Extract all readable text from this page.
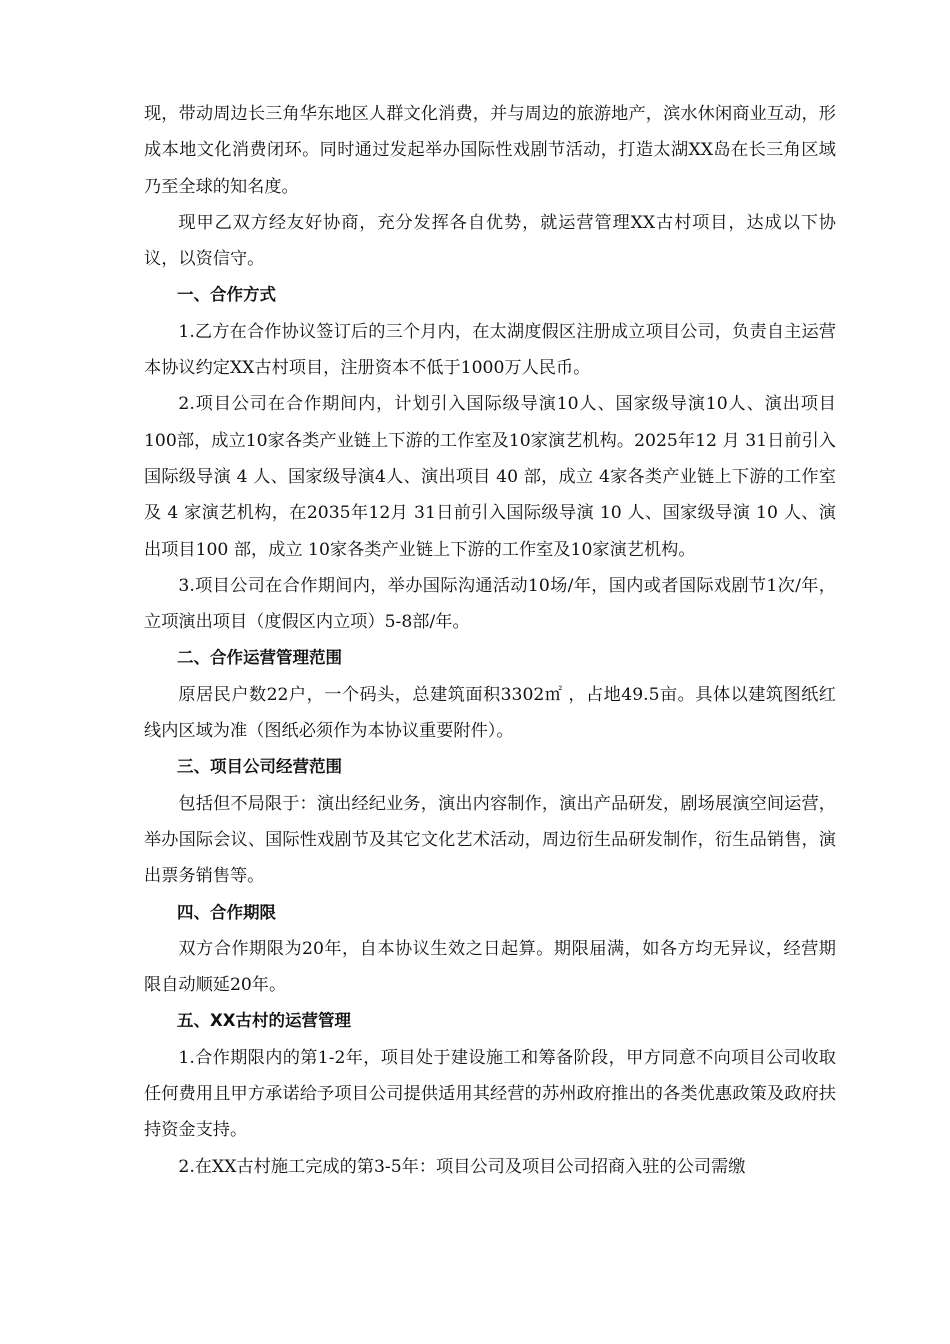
现，带动周边长三角华东地区人群文化消费，并与周边的旅游地产，滨水休闲商业互动，形成本地文化消费闭环。同时通过发起举办国际性戏剧节活动，打造太湖XX岛在长三角区域乃至全球的知名度。

现甲乙双方经友好协商，充分发挥各自优势，就运营管理XX古村项目，达成以下协议，以资信守。

一、合作方式

1.乙方在合作协议签订后的三个月内，在太湖度假区注册成立项目公司，负责自主运营本协议约定XX古村项目，注册资本不低于1000万人民币。

2.项目公司在合作期间内，计划引入国际级导演10人、国家级导演10人、演出项目100部，成立10家各类产业链上下游的工作室及10家演艺机构。2025年12 月 31日前引入国际级导演 4 人、国家级导演4人、演出项目 40 部，成立 4家各类产业链上下游的工作室及 4 家演艺机构，在2035年12月 31日前引入国际级导演 10 人、国家级导演 10 人、演出项目100 部，成立 10家各类产业链上下游的工作室及10家演艺机构。

3.项目公司在合作期间内，举办国际沟通活动10场/年，国内或者国际戏剧节1次/年，立项演出项目（度假区内立项）5-8部/年。

二、合作运营管理范围

原居民户数22户，一个码头，总建筑面积3302㎡ ，占地49.5亩。具体以建筑图纸红线内区域为准（图纸必须作为本协议重要附件）。

三、项目公司经营范围

包括但不局限于：演出经纪业务，演出内容制作，演出产品研发，剧场展演空间运营，举办国际会议、国际性戏剧节及其它文化艺术活动，周边衍生品研发制作，衍生品销售，演出票务销售等。

四、合作期限

双方合作期限为20年，自本协议生效之日起算。期限届满，如各方均无异议，经营期限自动顺延20年。

五、XX古村的运营管理

1.合作期限内的第1-2年，项目处于建设施工和筹备阶段，甲方同意不向项目公司收取任何费用且甲方承诺给予项目公司提供适用其经营的苏州政府推出的各类优惠政策及政府扶持资金支持。

2.在XX古村施工完成的第3-5年：项目公司及项目公司招商入驻的公司需缴
